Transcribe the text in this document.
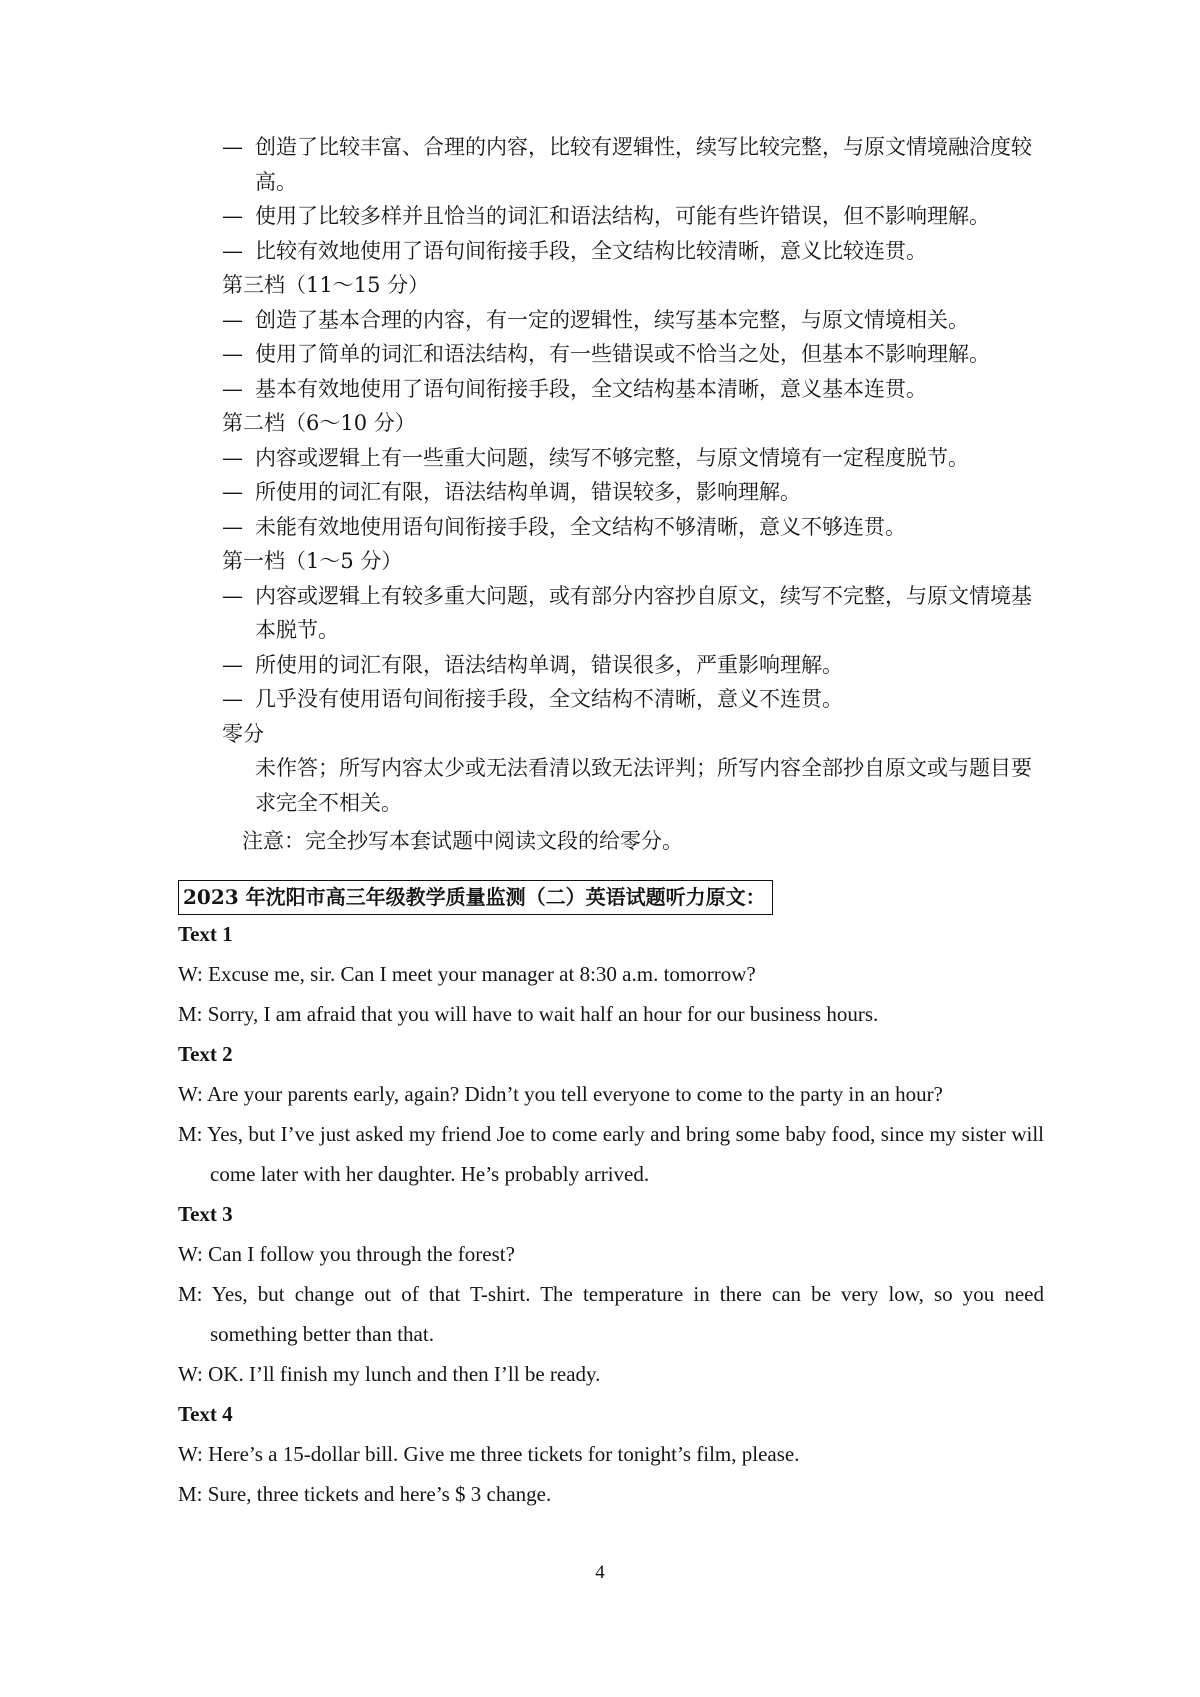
— 创造了比较丰富、合理的内容，比较有逻辑性，续写比较完整，与原文情境融洽度较高。
— 使用了比较多样并且恰当的词汇和语法结构，可能有些许错误，但不影响理解。
— 比较有效地使用了语句间衔接手段，全文结构比较清晰，意义比较连贯。
第三档（11～15 分）
— 创造了基本合理的内容，有一定的逻辑性，续写基本完整，与原文情境相关。
— 使用了简单的词汇和语法结构，有一些错误或不恰当之处，但基本不影响理解。
— 基本有效地使用了语句间衔接手段，全文结构基本清晰，意义基本连贯。
第二档（6～10 分）
— 内容或逻辑上有一些重大问题，续写不够完整，与原文情境有一定程度脱节。
— 所使用的词汇有限，语法结构单调，错误较多，影响理解。
— 未能有效地使用语句间衔接手段，全文结构不够清晰，意义不够连贯。
第一档（1～5 分）
— 内容或逻辑上有较多重大问题，或有部分内容抄自原文，续写不完整，与原文情境基本脱节。
— 所使用的词汇有限，语法结构单调，错误很多，严重影响理解。
— 几乎没有使用语句间衔接手段，全文结构不清晰，意义不连贯。
零分
未作答；所写内容太少或无法看清以致无法评判；所写内容全部抄自原文或与题目要求完全不相关。
注意：完全抄写本套试题中阅读文段的给零分。
2023 年沈阳市高三年级教学质量监测（二）英语试题听力原文：
Text 1
W: Excuse me, sir. Can I meet your manager at 8:30 a.m. tomorrow?
M: Sorry, I am afraid that you will have to wait half an hour for our business hours.
Text 2
W: Are your parents early, again? Didn’t you tell everyone to come to the party in an hour?
M: Yes, but I’ve just asked my friend Joe to come early and bring some baby food, since my sister will come later with her daughter. He’s probably arrived.
Text 3
W: Can I follow you through the forest?
M: Yes, but change out of that T-shirt. The temperature in there can be very low, so you need something better than that.
W: OK. I’ll finish my lunch and then I’ll be ready.
Text 4
W: Here’s a 15-dollar bill. Give me three tickets for tonight’s film, please.
M: Sure, three tickets and here’s $ 3 change.
4
